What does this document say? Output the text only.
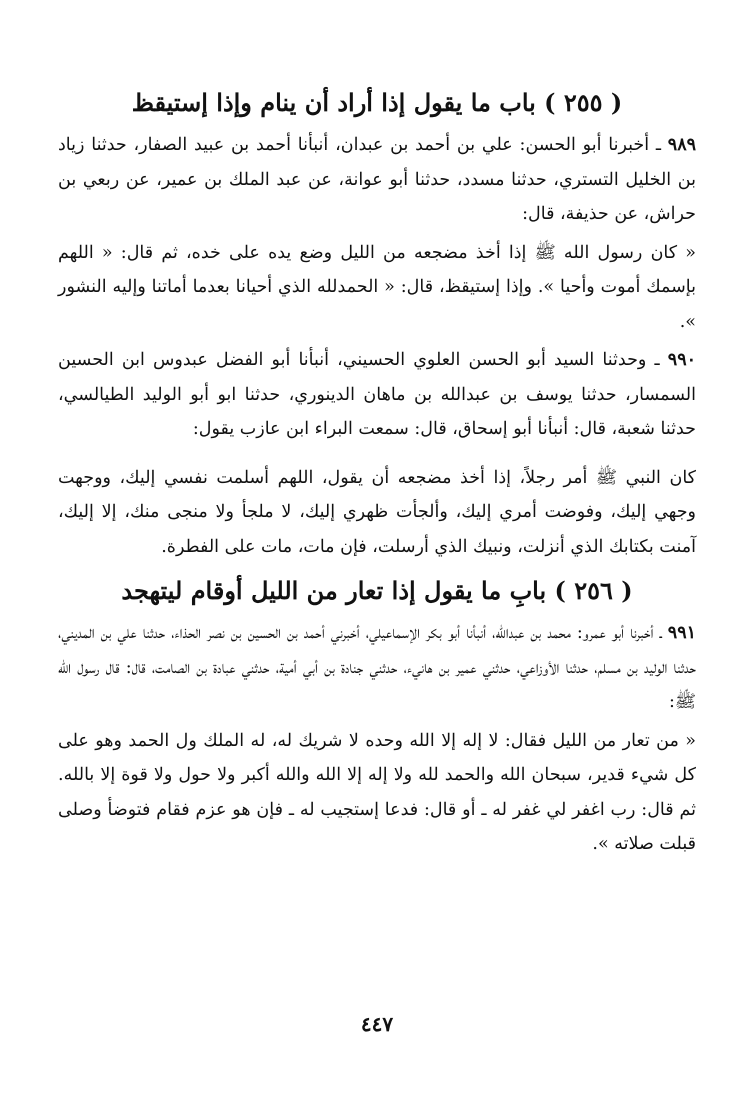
( ٢٥٥ ) باب ما يقول إذا أراد أن ينام وإذا إستيقظ

٩٨٩ ـ أخبرنا أبو الحسن: علي بن أحمد بن عبدان، أنبأنا أحمد بن عبيد الصفار، حدثنا زياد بن الخليل التستري، حدثنا مسدد، حدثنا أبو عوانة، عن عبد الملك بن عمير، عن ربعي بن حراش، عن حذيفة، قال:

« كان رسول الله ﷺ إذا أخذ مضجعه من الليل وضع يده على خده، ثم قال: « اللهم بإسمك أموت وأحيا ». وإذا إستيقظ، قال: « الحمدلله الذي أحيانا بعدما أماتنا وإليه النشور ».

٩٩٠ ـ وحدثنا السيد أبو الحسن العلوي الحسيني، أنبأنا أبو الفضل عبدوس ابن الحسين السمسار، حدثنا يوسف بن عبدالله بن ماهان الدينوري، حدثنا ابو أبو الوليد الطيالسي، حدثنا شعبة، قال: أنبأنا أبو إسحاق، قال: سمعت البراء ابن عازب يقول:

كان النبي ﷺ أمر رجلاً، إذا أخذ مضجعه أن يقول، اللهم أسلمت نفسي إليك، ووجهت وجهي إليك، وفوضت أمري إليك، وألجأت ظهري إليك، لا ملجأ ولا منجى منك، إلا إليك، آمنت بكتابك الذي أنزلت، ونبيك الذي أرسلت، فإن مات، مات على الفطرة.

( ٢٥٦ ) بابِ ما يقول إذا تعار من الليل أوقام ليتهجد

٩٩١ ـ أخبرنا أبو عمرو: محمد بن عبدالله، أنبأنا أبو بكر الإسماعيلي، أخبرني أحمد بن الحسين بن نصر الحذاء، حدثنا علي بن المديني، حدثنا الوليد بن مسلم، حدثنا الأوزاعي، حدثني عمير بن هانيء، حدثني جنادة بن أبي أمية، حدثني عبادة بن الصامت، قال: قال رسول الله ﷺ:

« من تعار من الليل فقال: لا إله إلا الله وحده لا شريك له، له الملك ول الحمد وهو على كل شيء قدير، سبحان الله والحمد لله ولا إله إلا الله والله أكبر ولا حول ولا قوة إلا بالله. ثم قال: رب اغفر لي غفر له ـ أو قال: فدعا إستجيب له ـ فإن هو عزم فقام فتوضأ وصلى قبلت صلاته ».

٤٤٧
